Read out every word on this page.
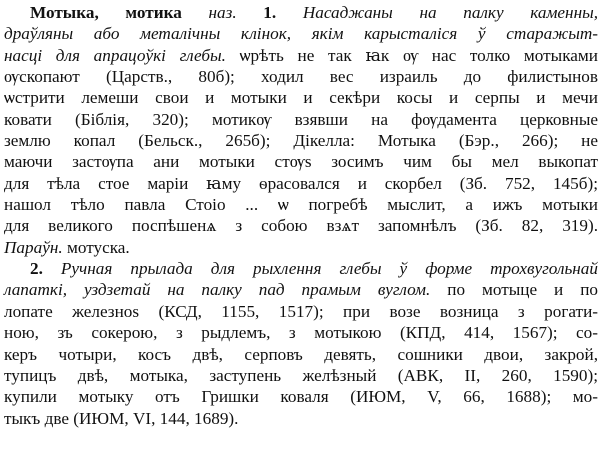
Мотыка, мотика наз. 1. Насаджаны на палку каменны,
драўляны або металічны клінок, якім карысталіся ў старажыт-
насці для апрацоўкі глебы. ѡрѣть не так ꙗк ѹ нас толко мотыками
ѹскопают (Царств., 80б); ходил вес израиль до филистынов
ѡстрити лемеши свои и мотыки и секѣри косы и серпы и мечи
ковати (Біблія, 320); мотикѹ взявши на фѹдамента церковные
землю копал (Бельск., 265б); Дікелла: Мотыка (Бэр., 266); не
маючи застѹпа ани мотыки стѹѕ зосимъ чим бы мел выкопат
для тѣла стое маріи ꙗму ѳрасовался и скорбел (Зб. 752, 145б);
нашол тѣло павла Стоіо ... ѡ погребѣ мыслит, а ижъ мотыки
для великого поспѣшенѧ з собою взѧт запомнѣлъ (Зб. 82, 319).
Параўн. мотуска.
2. Ручная прылада для рыхлення глебы ў форме трохвугольнай
лапаткі, уздзетай на палку пад прамым вуглом. по мотыце и по
лопате железноѕ (КСД, 1155, 1517); при возе возница з рогати-
ною, зъ сокерою, з рыдлемъ, з мотыкою (КПД, 414, 1567); со-
керъ чотыри, косъ двѣ, серповъ девять, сошники двои, закрой,
тупицъ двѣ, мотыка, заступень желѣзный (АВК, II, 260, 1590);
купили мотыку отъ Гришки коваля (ИЮМ, V, 66, 1688); мо-
тыкъ две (ИЮМ, VI, 144, 1689).
